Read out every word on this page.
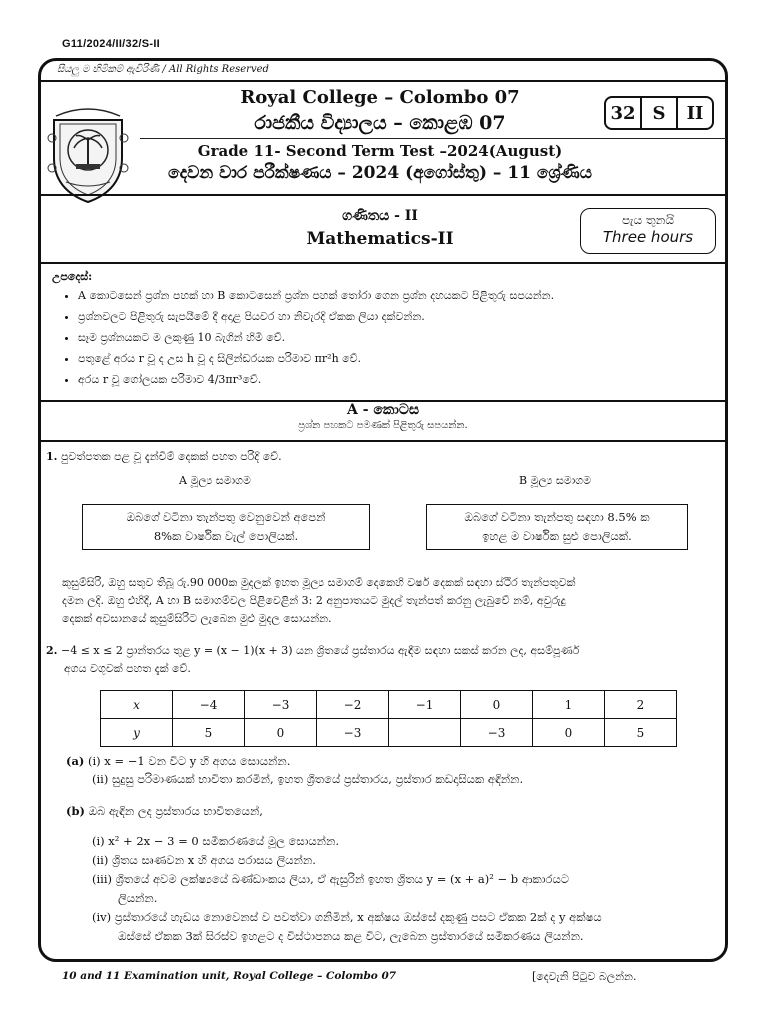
G11/2024/II/32/S-II
සියලු ම හිමිකම් ඇවිරිණි / All Rights Reserved
Royal College – Colombo 07
රාජකීය විද්‍යාලය – කොළඹ 07
Grade 11- Second Term Test –2024(August)
දෙවන වාර පරීක්ෂණය – 2024 (අගෝස්තු) – 11 ශ්‍රේණිය
32 S	II
ගණිතය - II
Mathematics-II
පැය තුනයි
Three hours
උපදෙස්:
• A කොටසෙන් ප්‍රශ්න පහක් හා B කොටසෙන් ප්‍රශ්න පහක් තෝරා ගෙන ප්‍රශ්න දහයකට පිළිතුරු සපයන්න.
• ප්‍රශ්නවලට පිළිතුරු සැපයීමේ දී අදාළ පියවර හා නිවැරදි ඒකක ලියා දක්වන්න.
• සෑම ප්‍රශ්නයකට ම ලකුණු 10 බැගින් හිමි වේ.
• පතුළේ අරය r වූ ද උස h වූ ද සිලින්ඩරයක පරිමාව πr²h වේ.
• අරය r වූ ගෝලයක පරිමාව 4/3πr³වේ.
A - කොටස
ප්‍රශ්න පහකට පමණක් පිළිතුරු සපයන්න.
1. පුවත්පතක පළ වූ දැන්වීම් දෙකක් පහත පරිදි වේ.
A මූල්‍ය සමාගම	B මූල්‍ය සමාගම
ඔබගේ වටිනා තැන්පතු වෙනුවෙන් අපෙන්
8%ක වාර්ෂික වැල් පොලියක්.
ඔබගේ වටිනා තැන්පතු සඳහා 8.5% ක
ඉහළ ම වාර්ෂික සුළු පොලියක්.
කුසුම්සිරි, ඔහු සතුව තිබූ රු.90 000ක මුදලක් ඉහත මූල්‍ය සමාගම් දෙකෙහි වර්ෂ දෙකක් සඳහා ස්ථිර තැන්පතුවක්
දමන ලදි. ඔහු එහිදී, A හා B සමාගම්වල පිළිවෙළින් 3: 2 අනුපාතයට මුදල් තැන්පත් කරනු ලැබුවේ නම්, අවුරුදු
දෙකක් අවසානයේ කුසුම්සිරිට ලැබෙන මුළු මුදල සොයන්න.
2. −4 ≤ x ≤ 2 ප්‍රාන්තරය තුළ y = (x − 1)(x + 3) යන ශ්‍රිතයේ ප්‍රස්තාරය ඇඳීම සඳහා සකස් කරන ලද, අසම්පූර්ණ
අගය වගුවක් පහත දැක් වේ.
x	−4	−3	−2	−1	0	1	2
y	5	0	−3		−3	0	5
(a) (i) x = −1 වන විට y හි අගය සොයන්න.
(ii) සුදුසු පරිමාණයක් භාවිතා කරමින්, ඉහත ශ්‍රිතයේ ප්‍රස්තාරය, ප්‍රස්තාර කඩදාසියක අඳින්න.
(b) ඔබ ඇඳින ලද ප්‍රස්තාරය භාවිතයෙන්,
(i) x² + 2x − 3 = 0 සමීකරණයේ මූල සොයන්න.
(ii) ශ්‍රිතය සෘණවන x හි අගය පරාසය ලියන්න.
(iii) ශ්‍රිතයේ අවම ලක්ෂ්‍යයේ ඛණ්ඩාංකය ලියා, ඒ ඇසුරින් ඉහත ශ්‍රිතය y = (x + a)² − b ආකාරයට
ලියන්න.
(iv) ප්‍රස්තාරයේ හැඩය නොවෙනස් ව පවත්වා ගනිමින්, x අක්ෂය ඔස්සේ දකුණු පසට ඒකක 2ක් ද y අක්ෂය
ඔස්සේ ඒකක 3ක් සිරස්ව ඉහළට ද විස්ථාපනය කළ විට, ලැබෙන ප්‍රස්තාරයේ සමීකරණය ලියන්න.
10 and 11 Examination unit, Royal College – Colombo 07	[දෙවැනි පිටුව බලන්න.
